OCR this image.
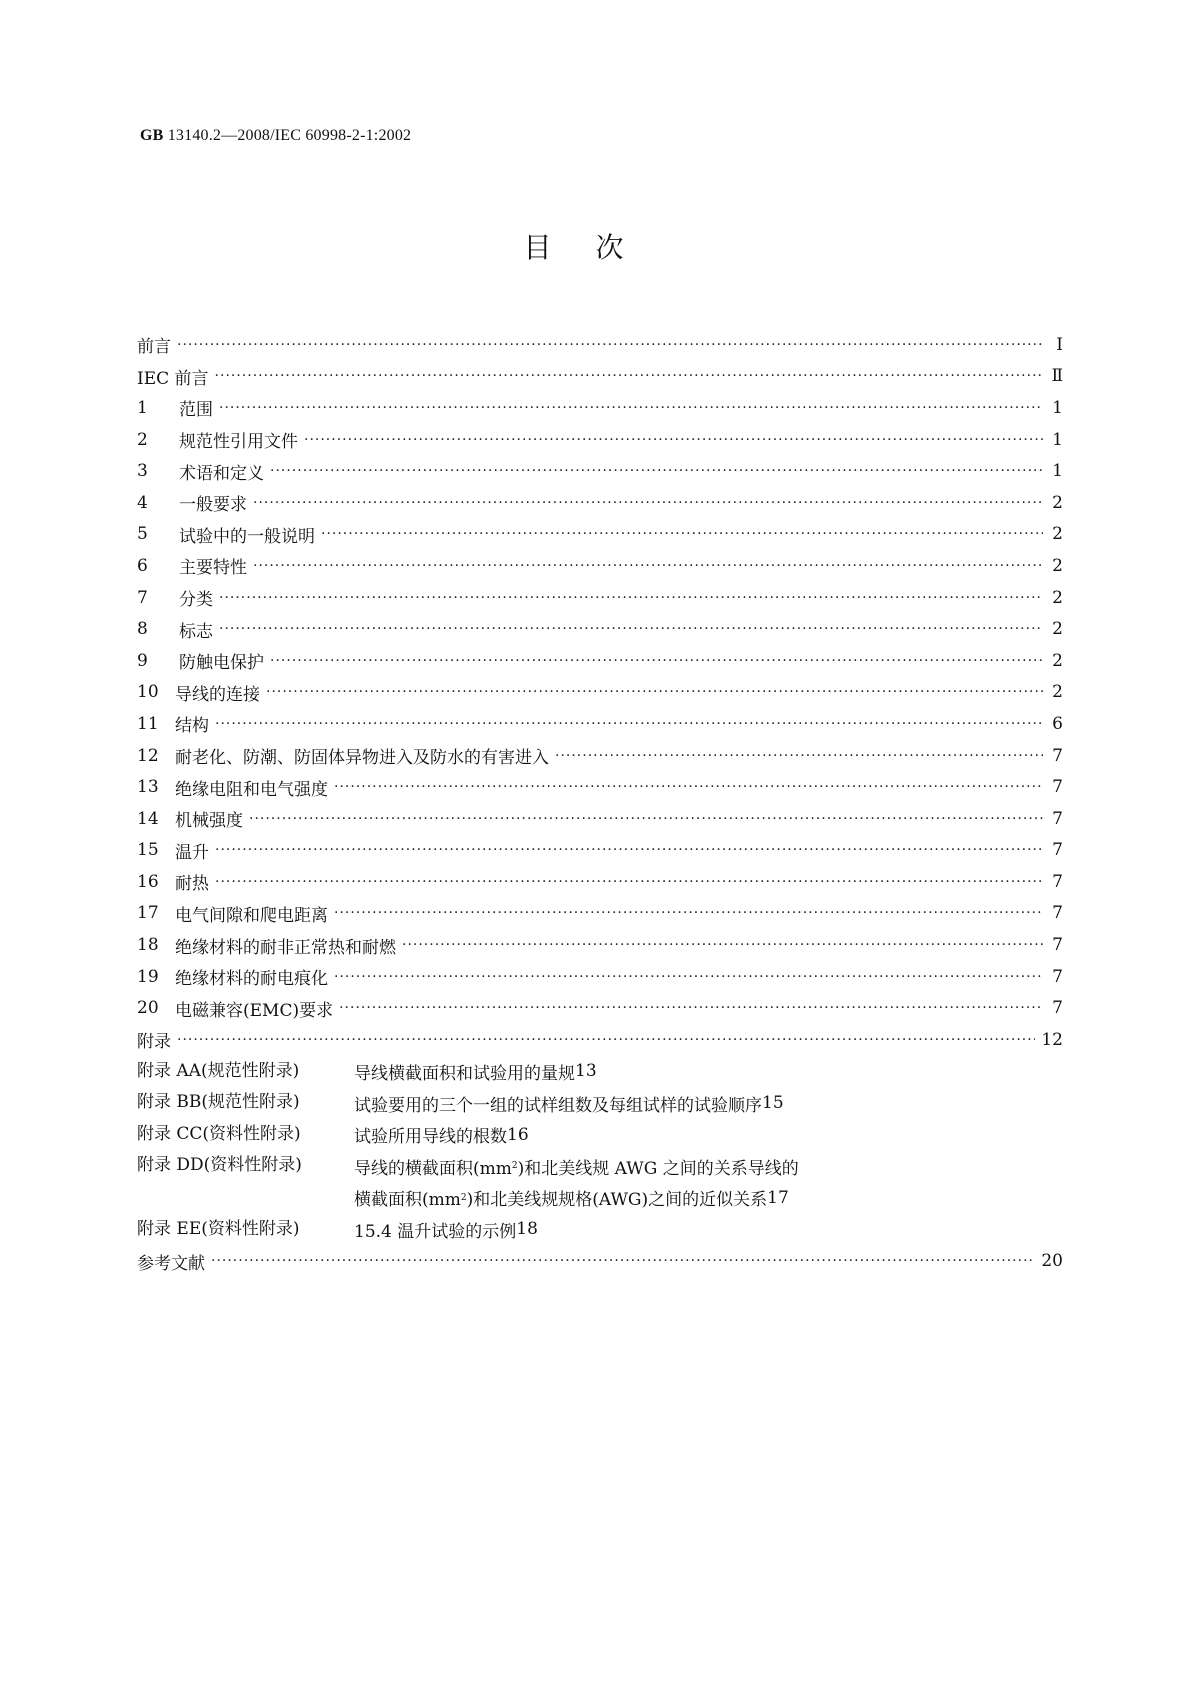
GB 13140.2—2008/IEC 60998-2-1:2002
目次
前言 ·····	Ⅰ
IEC 前言 ·····	Ⅱ
1	范围 ·····	1
2	规范性引用文件 ·····	1
3	术语和定义 ·····	1
4	一般要求 ·····	2
5	试验中的一般说明 ·····	2
6	主要特性 ·····	2
7	分类 ·····	2
8	标志 ·····	2
9	防触电保护 ·····	2
10 导线的连接 ·····	2
11 结构 ·····	6
12 耐老化、防潮、防固体异物进入及防水的有害进入 ·····	7
13 绝缘电阻和电气强度 ·····	7
14 机械强度 ·····	7
15 温升 ·····	7
16 耐热 ·····	7
17 电气间隙和爬电距离 ·····	7
18 绝缘材料的耐非正常热和耐燃 ·····	7
19 绝缘材料的耐电痕化 ·····	7
20 电磁兼容(EMC)要求 ·····	7
附录 ·····	12
附录 AA(规范性附录)	导线横截面积和试验用的量规 13
附录 BB(规范性附录)	试验要用的三个一组的试样组数及每组试样的试验顺序 15
附录 CC(资料性附录)	试验所用导线的根数 16
附录 DD(资料性附录)	导线的横截面积(mm 2 )和北美线规 AWG 之间的关系导线的
横截面积(mm 2 )和北美线规规格(AWG)之间的近似关系 17
附录 EE(资料性附录)	15.4 温升试验的示例 18
参考文献 ·····	20
